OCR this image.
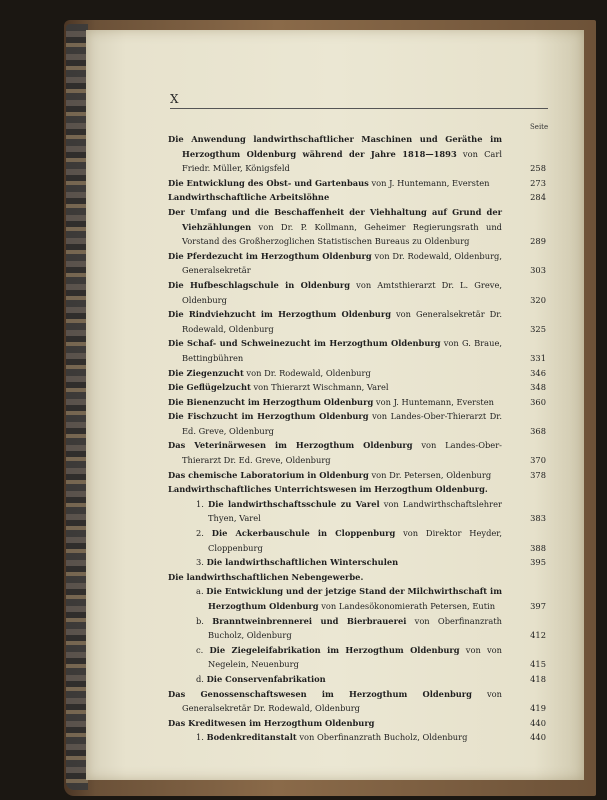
X
Seite
Die Anwendung landwirthschaftlicher Maschinen und Geräthe im Herzogthum Oldenburg während der Jahre 1818—1893 von Carl Friedr. Müller, Königsfeld	258
Die Entwicklung des Obst- und Gartenbaus von J. Huntemann, Eversten	273
Landwirthschaftliche Arbeitslöhne	284
Der Umfang und die Beschaffenheit der Viehhaltung auf Grund der Viehzählungen von Dr. P. Kollmann, Geheimer Regierungsrath und Vorstand des Großherzoglichen Statistischen Bureaus zu Oldenburg	289
Die Pferdezucht im Herzogthum Oldenburg von Dr. Rodewald, Oldenburg, Generalsekretär	303
Die Hufbeschlagschule in Oldenburg von Amtsthierarzt Dr. L. Greve, Oldenburg	320
Die Rindviehzucht im Herzogthum Oldenburg von Generalsekretär Dr. Rodewald, Oldenburg	325
Die Schaf- und Schweinezucht im Herzogthum Oldenburg von G. Braue, Bettingbühren	331
Die Ziegenzucht von Dr. Rodewald, Oldenburg	346
Die Geflügelzucht von Thierarzt Wischmann, Varel	348
Die Bienenzucht im Herzogthum Oldenburg von J. Huntemann, Eversten	360
Die Fischzucht im Herzogthum Oldenburg von Landes-Ober-Thierarzt Dr. Ed. Greve, Oldenburg	368
Das Veterinärwesen im Herzogthum Oldenburg von Landes-Ober-Thierarzt Dr. Ed. Greve, Oldenburg	370
Das chemische Laboratorium in Oldenburg von Dr. Petersen, Oldenburg	378
Landwirthschaftliches Unterrichtswesen im Herzogthum Oldenburg.
1. Die landwirthschaftsschule zu Varel von Landwirthschaftslehrer Thyen, Varel	383
2. Die Ackerbauschule in Cloppenburg von Direktor Heyder, Cloppenburg	388
3. Die landwirthschaftlichen Winterschulen	395
Die landwirthschaftlichen Nebengewerbe.
a. Die Entwicklung und der jetzige Stand der Milchwirthschaft im Herzogthum Oldenburg von Landesökonomierath Petersen, Eutin	397
b. Branntweinbrennerei und Bierbrauerei von Oberfinanzrath Bucholz, Oldenburg	412
c. Die Ziegeleifabrikation im Herzogthum Oldenburg von von Negelein, Neuenburg	415
d. Die Conservenfabrikation	418
Das Genossenschaftswesen im Herzogthum Oldenburg von Generalsekretär Dr. Rodewald, Oldenburg	419
Das Kreditwesen im Herzogthum Oldenburg	440
1. Bodenkreditanstalt von Oberfinanzrath Bucholz, Oldenburg	440
